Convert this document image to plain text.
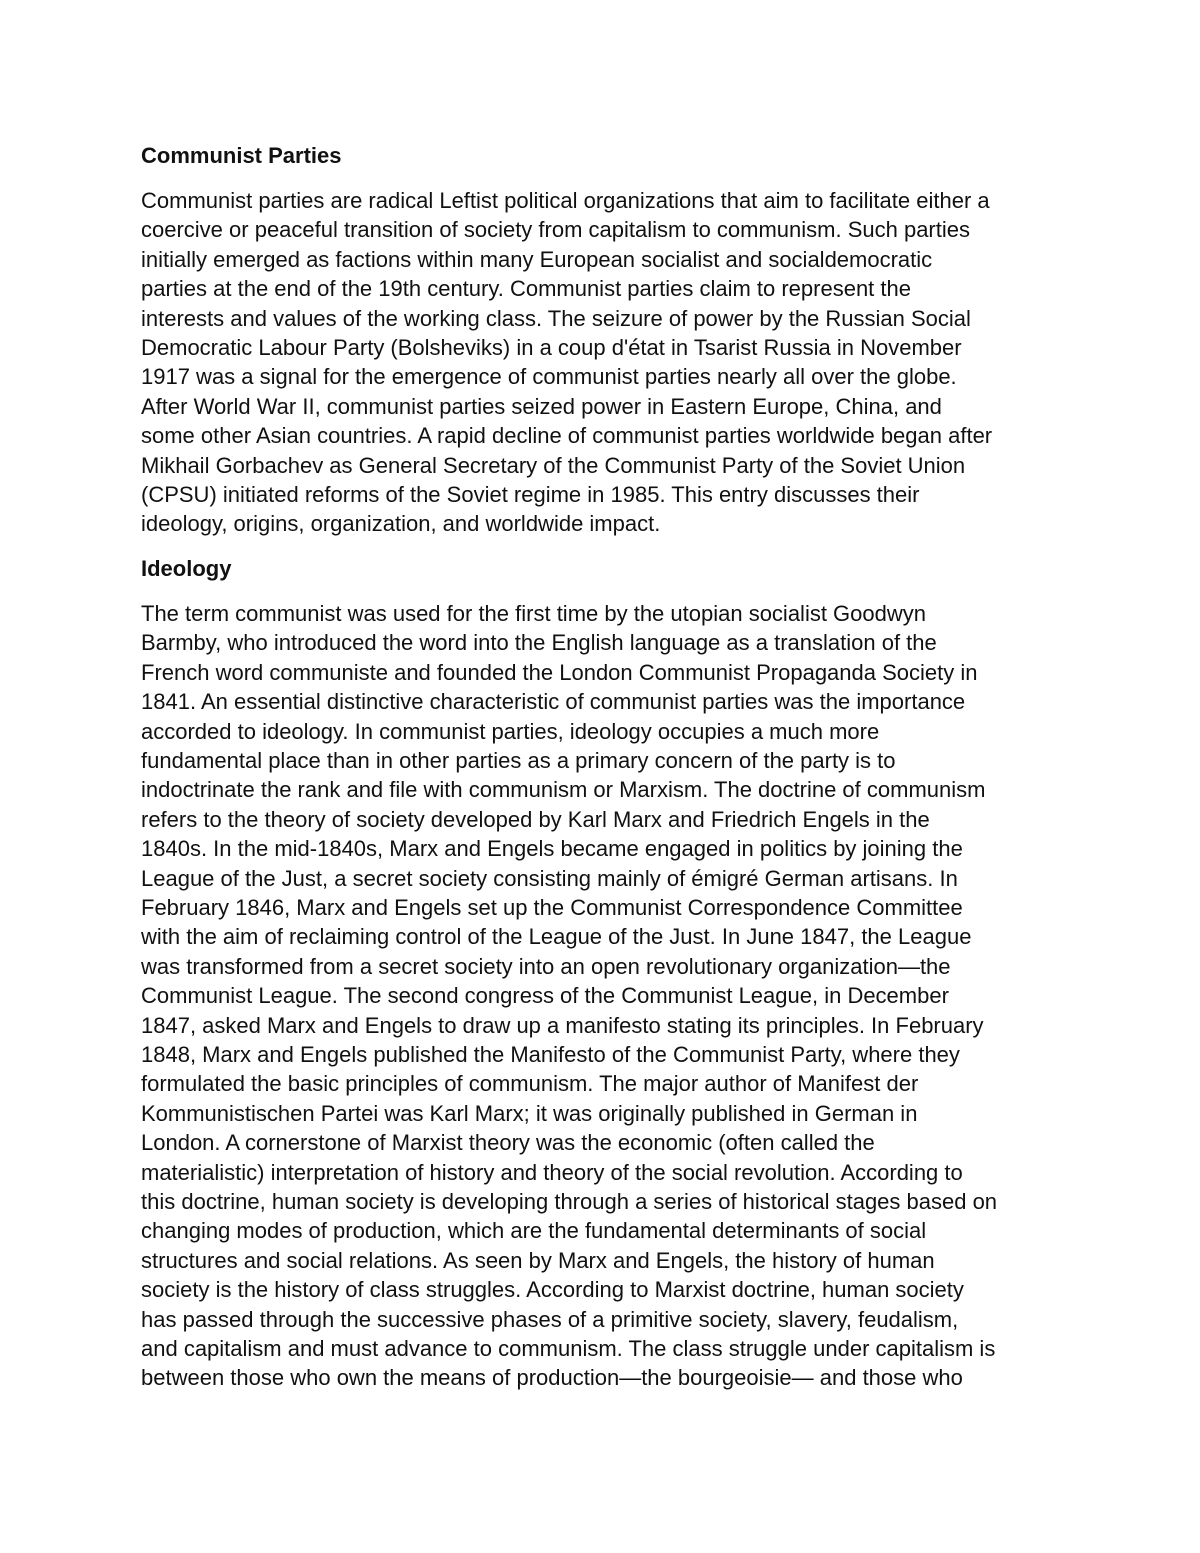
Communist Parties
Communist parties are radical Leftist political organizations that aim to facilitate either a
coercive or peaceful transition of society from capitalism to communism. Such parties
initially emerged as factions within many European socialist and socialdemocratic
parties at the end of the 19th century. Communist parties claim to represent the
interests and values of the working class. The seizure of power by the Russian Social
Democratic Labour Party (Bolsheviks) in a coup d'état in Tsarist Russia in November
1917 was a signal for the emergence of communist parties nearly all over the globe.
After World War II, communist parties seized power in Eastern Europe, China, and
some other Asian countries. A rapid decline of communist parties worldwide began after
Mikhail Gorbachev as General Secretary of the Communist Party of the Soviet Union
(CPSU) initiated reforms of the Soviet regime in 1985. This entry discusses their
ideology, origins, organization, and worldwide impact.
Ideology
The term communist was used for the first time by the utopian socialist Goodwyn
Barmby, who introduced the word into the English language as a translation of the
French word communiste and founded the London Communist Propaganda Society in
1841. An essential distinctive characteristic of communist parties was the importance
accorded to ideology. In communist parties, ideology occupies a much more
fundamental place than in other parties as a primary concern of the party is to
indoctrinate the rank and file with communism or Marxism. The doctrine of communism
refers to the theory of society developed by Karl Marx and Friedrich Engels in the
1840s. In the mid-1840s, Marx and Engels became engaged in politics by joining the
League of the Just, a secret society consisting mainly of émigré German artisans. In
February 1846, Marx and Engels set up the Communist Correspondence Committee
with the aim of reclaiming control of the League of the Just. In June 1847, the League
was transformed from a secret society into an open revolutionary organization—the
Communist League. The second congress of the Communist League, in December
1847, asked Marx and Engels to draw up a manifesto stating its principles. In February
1848, Marx and Engels published the Manifesto of the Communist Party, where they
formulated the basic principles of communism. The major author of Manifest der
Kommunistischen Partei was Karl Marx; it was originally published in German in
London. A cornerstone of Marxist theory was the economic (often called the
materialistic) interpretation of history and theory of the social revolution. According to
this doctrine, human society is developing through a series of historical stages based on
changing modes of production, which are the fundamental determinants of social
structures and social relations. As seen by Marx and Engels, the history of human
society is the history of class struggles. According to Marxist doctrine, human society
has passed through the successive phases of a primitive society, slavery, feudalism,
and capitalism and must advance to communism. The class struggle under capitalism is
between those who own the means of production—the bourgeoisie— and those who
